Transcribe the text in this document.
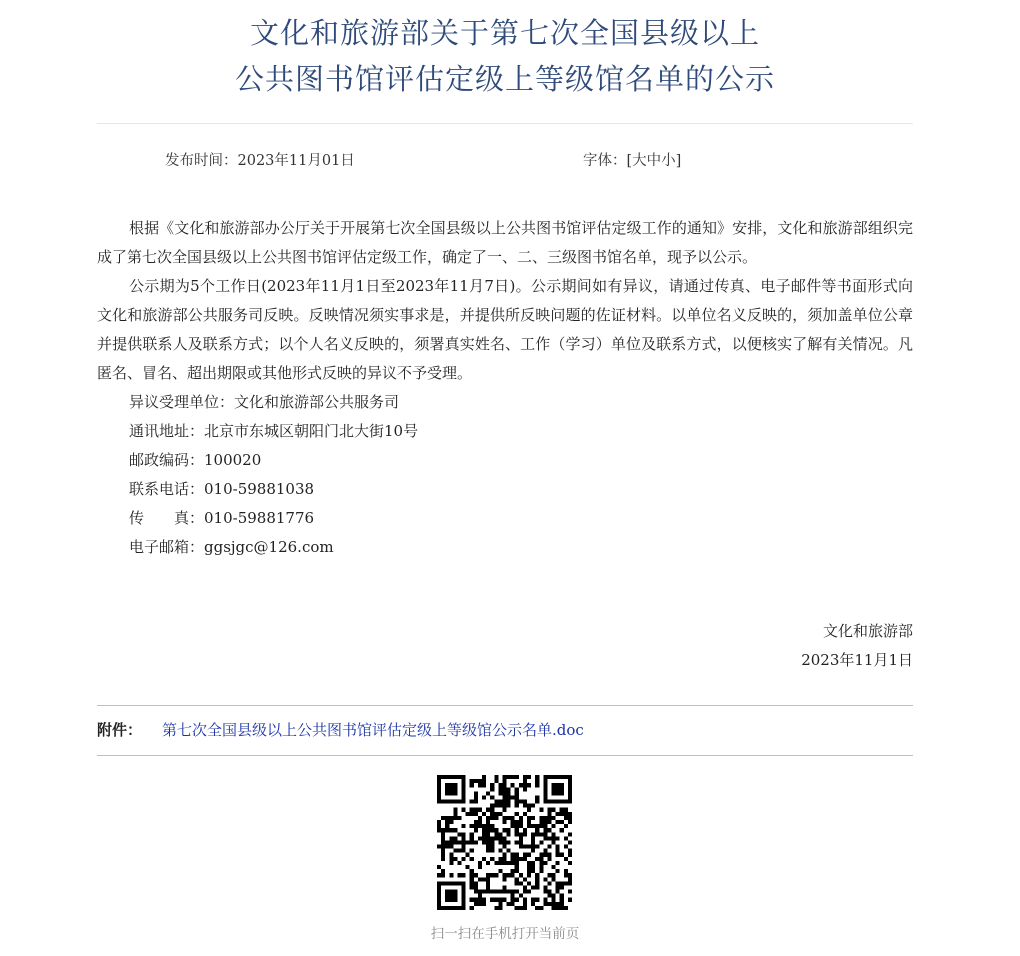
文化和旅游部关于第七次全国县级以上
公共图书馆评估定级上等级馆名单的公示
发布时间：2023年11月01日	字体：[大中小]

根据《文化和旅游部办公厅关于开展第七次全国县级以上公共图书馆评估定级工作的通知》安排，文化和旅游部组织完成了第七次全国县级以上公共图书馆评估定级工作，确定了一、二、三级图书馆名单，现予以公示。

公示期为5个工作日(2023年11月1日至2023年11月7日)。公示期间如有异议，请通过传真、电子邮件等书面形式向文化和旅游部公共服务司反映。反映情况须实事求是，并提供所反映问题的佐证材料。以单位名义反映的，须加盖单位公章并提供联系人及联系方式；以个人名义反映的，须署真实姓名、工作（学习）单位及联系方式，以便核实了解有关情况。凡匿名、冒名、超出期限或其他形式反映的异议不予受理。

异议受理单位：文化和旅游部公共服务司
通讯地址：北京市东城区朝阳门北大街10号
邮政编码：100020
联系电话：010-59881038
传　　真：010-59881776
电子邮箱：ggsjgc@126.com
文化和旅游部
2023年11月1日
附件： 第七次全国县级以上公共图书馆评估定级上等级馆公示名单.doc
扫一扫在手机打开当前页
